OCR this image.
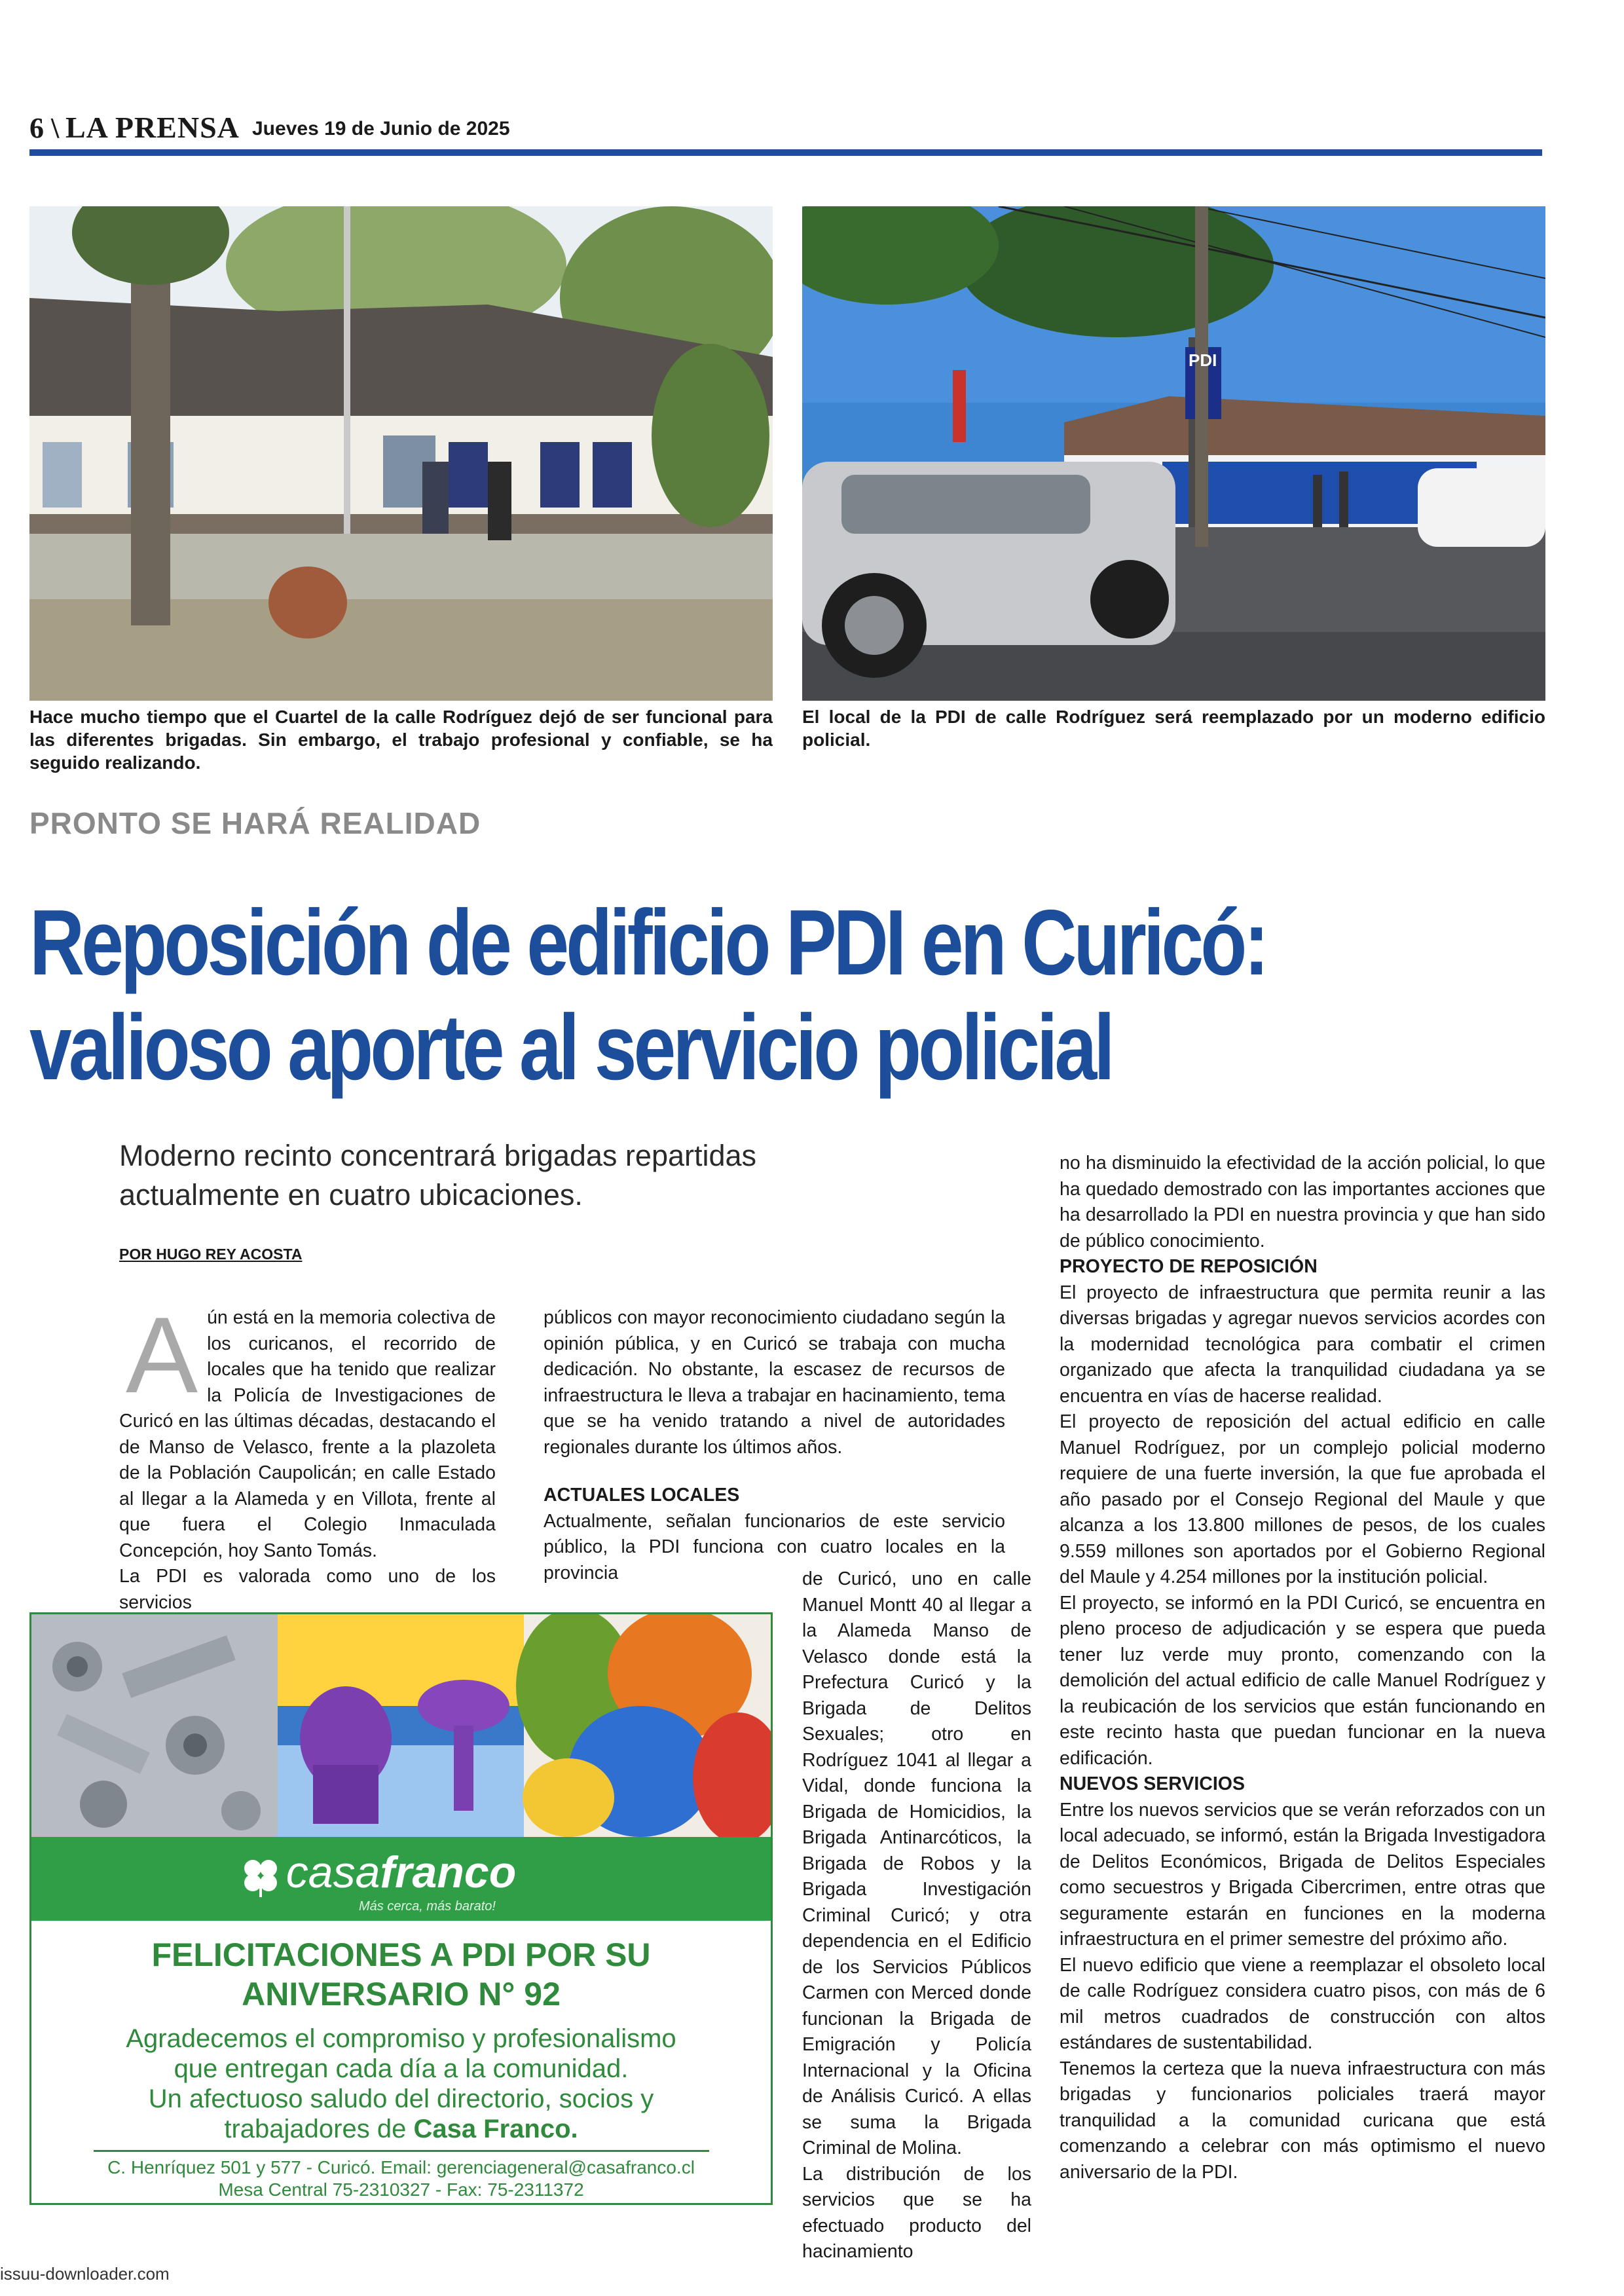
6 \ LA PRENSA Jueves 19 de Junio de 2025
Hace mucho tiempo que el Cuartel de la calle Rodríguez dejó de ser funcional para las diferentes brigadas. Sin embargo, el trabajo profesional y confiable, se ha seguido realizando.
PDI
El local de la PDI de calle Rodríguez será reemplazado por un moderno edificio policial.
PRONTO SE HARÁ REALIDAD
Reposición de edificio PDI en Curicó:
valioso aporte al servicio policial
Moderno recinto concentrará brigadas repartidas actualmente en cuatro ubicaciones.
POR HUGO REY ACOSTA
A ún está en la memoria colectiva de los curicanos, el recorrido de locales que ha tenido que realizar la Policía de Investigaciones de Curicó en las últimas décadas, destacando el de Manso de Velasco, frente a la plazoleta de la Población Caupolicán; en calle Estado al llegar a la Alameda y en Villota, frente al que fuera el Colegio Inmaculada Concepción, hoy Santo Tomás.

La PDI es valorada como uno de los servicios

públicos con mayor reconocimiento ciudadano según la opinión pública, y en Curicó se trabaja con mucha dedicación. No obstante, la escasez de recursos de infraestructura le lleva a trabajar en hacinamiento, tema que se ha venido tratando a nivel de autoridades regionales durante los últimos años.

ACTUALES LOCALES

Actualmente, señalan funcionarios de este servicio público, la PDI funciona con cuatro locales en la provincia	de Curicó, uno en calle Manuel Montt 40 al llegar a la Alameda Manso de Velasco donde está la Prefectura Curicó y la Brigada de Delitos Sexuales; otro en Rodríguez 1041 al llegar a Vidal, donde funciona la Brigada de Homicidios, la Brigada Antinarcóticos, la Brigada de Robos y la Brigada Investigación Criminal Curicó; y otra dependencia en el Edificio de los Servicios Públicos Carmen con Merced donde funcionan la Brigada de Emigración y Policía Internacional y la Oficina de Análisis Curicó. A ellas se suma la Brigada Criminal de Molina.

La distribución de los servicios que se ha efectuado producto del hacinamiento

no ha disminuido la efectividad de la acción policial, lo que ha quedado demostrado con las importantes acciones que ha desarrollado la PDI en nuestra provincia y que han sido de público conocimiento.

PROYECTO DE REPOSICIÓN

El proyecto de infraestructura que permita reunir a las diversas brigadas y agregar nuevos servicios acordes con la modernidad tecnológica para combatir el crimen organizado que afecta la tranquilidad ciudadana ya se encuentra en vías de hacerse realidad.

El proyecto de reposición del actual edificio en calle Manuel Rodríguez, por un complejo policial moderno requiere de una fuerte inversión, la que fue aprobada el año pasado por el Consejo Regional del Maule y que alcanza a los 13.800 millones de pesos, de los cuales 9.559 millones son aportados por el Gobierno Regional del Maule y 4.254 millones por la institución policial.

El proyecto, se informó en la PDI Curicó, se encuentra en pleno proceso de adjudicación y se espera que pueda tener luz verde muy pronto, comenzando con la demolición del actual edificio de calle Manuel Rodríguez y la reubicación de los servicios que están funcionando en este recinto hasta que puedan funcionar en la nueva edificación.

NUEVOS SERVICIOS

Entre los nuevos servicios que se verán reforzados con un local adecuado, se informó, están la Brigada Investigadora de Delitos Económicos, Brigada de Delitos Especiales como secuestros y Brigada Cibercrimen, entre otras que seguramente estarán en funciones en la moderna infraestructura en el primer semestre del próximo año.

El nuevo edificio que viene a reemplazar el obsoleto local de calle Rodríguez considera cuatro pisos, con más de 6 mil metros cuadrados de construcción con altos estándares de sustentabilidad.

Tenemos la certeza que la nueva infraestructura con más brigadas y funcionarios policiales traerá mayor tranquilidad a la comunidad curicana que está comenzando a celebrar con más optimismo el nuevo aniversario de la PDI.

casafranco
Más cerca, más barato!
FELICITACIONES A PDI POR SU
ANIVERSARIO N° 92
Agradecemos el compromiso y profesionalismo
que entregan cada día a la comunidad.
Un afectuoso saludo del directorio, socios y
trabajadores de Casa Franco.
C. Henríquez 501 y 577 - Curicó. Email: gerenciageneral@casafranco.cl
Mesa Central 75-2310327 - Fax: 75-2311372
issuu-downloader.com
